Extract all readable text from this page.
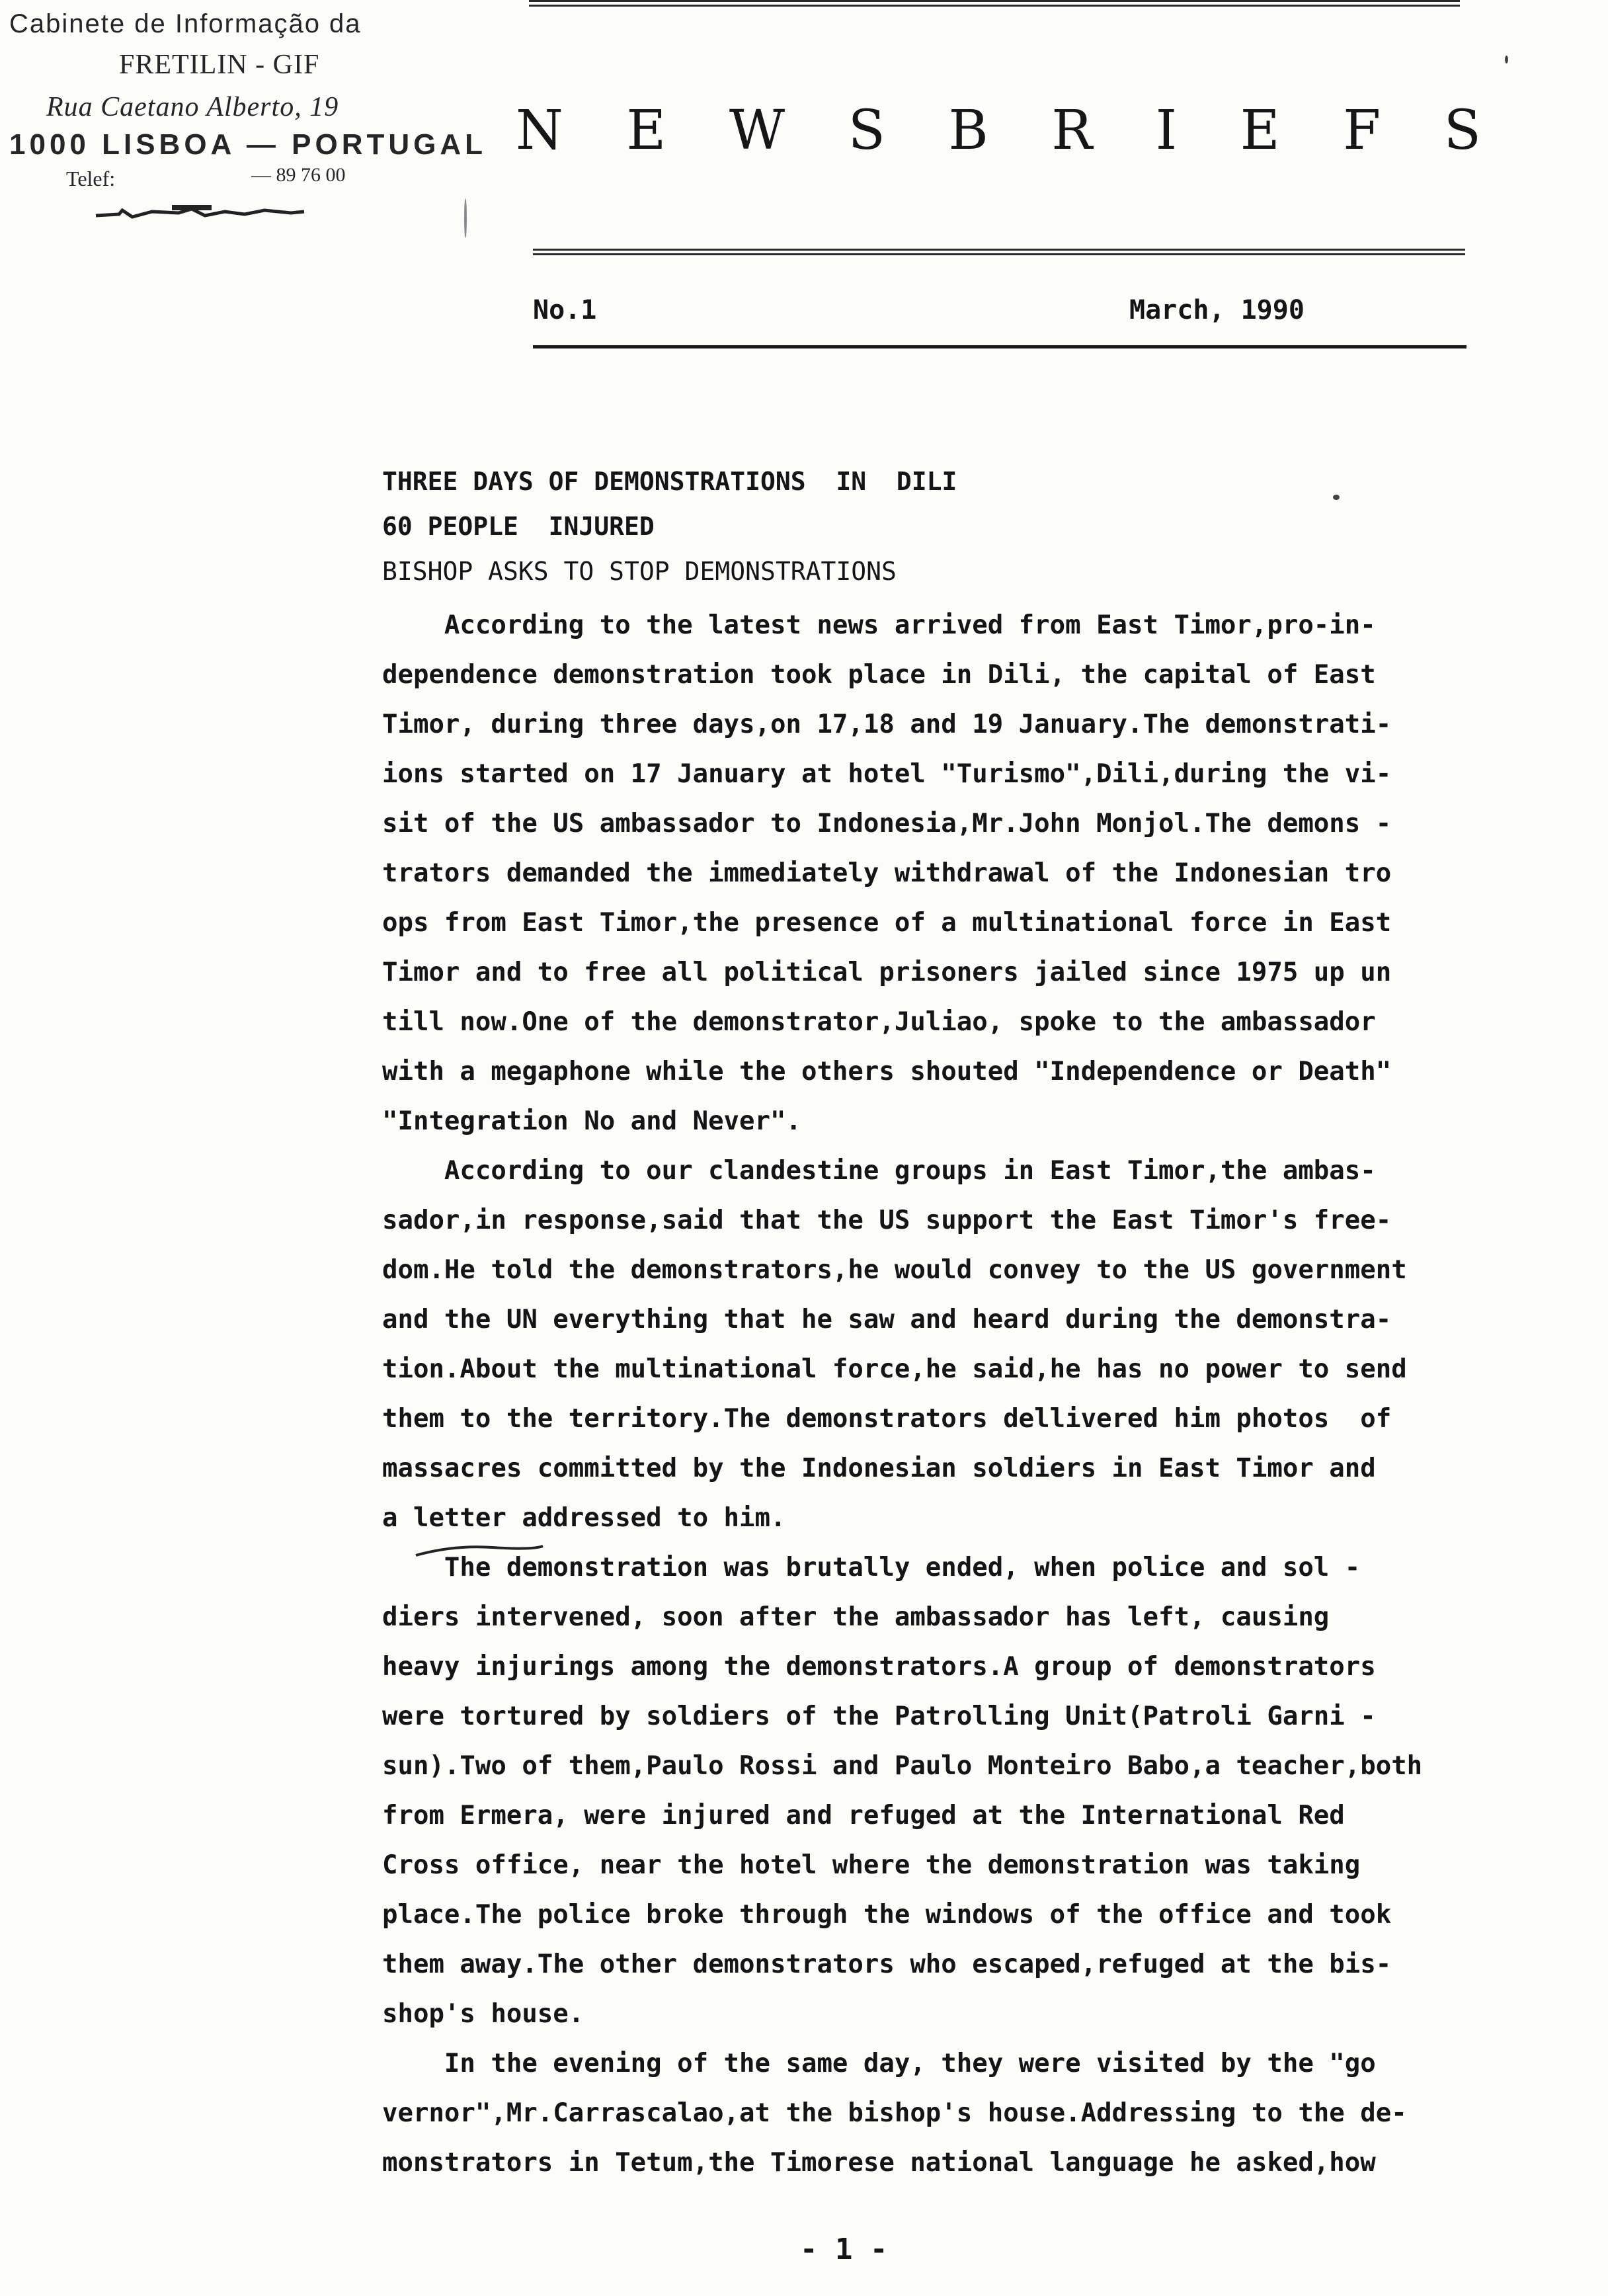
Cabinete de Informação da
FRETILIN - GIF
Rua Caetano Alberto, 19
1000 LISBOA — PORTUGAL
Telef:	— 89 76 00
N E W S B R I E F S
No.1	March, 1990
THREE DAYS OF DEMONSTRATIONS  IN  DILI
60 PEOPLE  INJURED
BISHOP ASKS TO STOP DEMONSTRATIONS
According to the latest news arrived from East Timor,pro-in-
dependence demonstration took place in Dili, the capital of East
Timor, during three days,on 17,18 and 19 January.The demonstrati-
ions started on 17 January at hotel "Turismo",Dili,during the vi-
sit of the US ambassador to Indonesia,Mr.John Monjol.The demons -
trators demanded the immediately withdrawal of the Indonesian tro
ops from East Timor,the presence of a multinational force in East
Timor and to free all political prisoners jailed since 1975 up un
till now.One of the demonstrator,Juliao, spoke to the ambassador
with a megaphone while the others shouted "Independence or Death"
"Integration No and Never".
According to our clandestine groups in East Timor,the ambas-
sador,in response,said that the US support the East Timor's free-
dom.He told the demonstrators,he would convey to the US government
and the UN everything that he saw and heard during the demonstra-
tion.About the multinational force,he said,he has no power to send
them to the territory.The demonstrators dellivered him photos  of
massacres committed by the Indonesian soldiers in East Timor and
a letter addressed to him.
The demonstration was brutally ended, when police and sol -
diers intervened, soon after the ambassador has left, causing
heavy injurings among the demonstrators.A group of demonstrators
were tortured by soldiers of the Patrolling Unit(Patroli Garni -
sun).Two of them,Paulo Rossi and Paulo Monteiro Babo,a teacher,both
from Ermera, were injured and refuged at the International Red
Cross office, near the hotel where the demonstration was taking
place.The police broke through the windows of the office and took
them away.The other demonstrators who escaped,refuged at the bis-
shop's house.
In the evening of the same day, they were visited by the "go
vernor",Mr.Carrascalao,at the bishop's house.Addressing to the de-
monstrators in Tetum,the Timorese national language he asked,how
- 1 -
